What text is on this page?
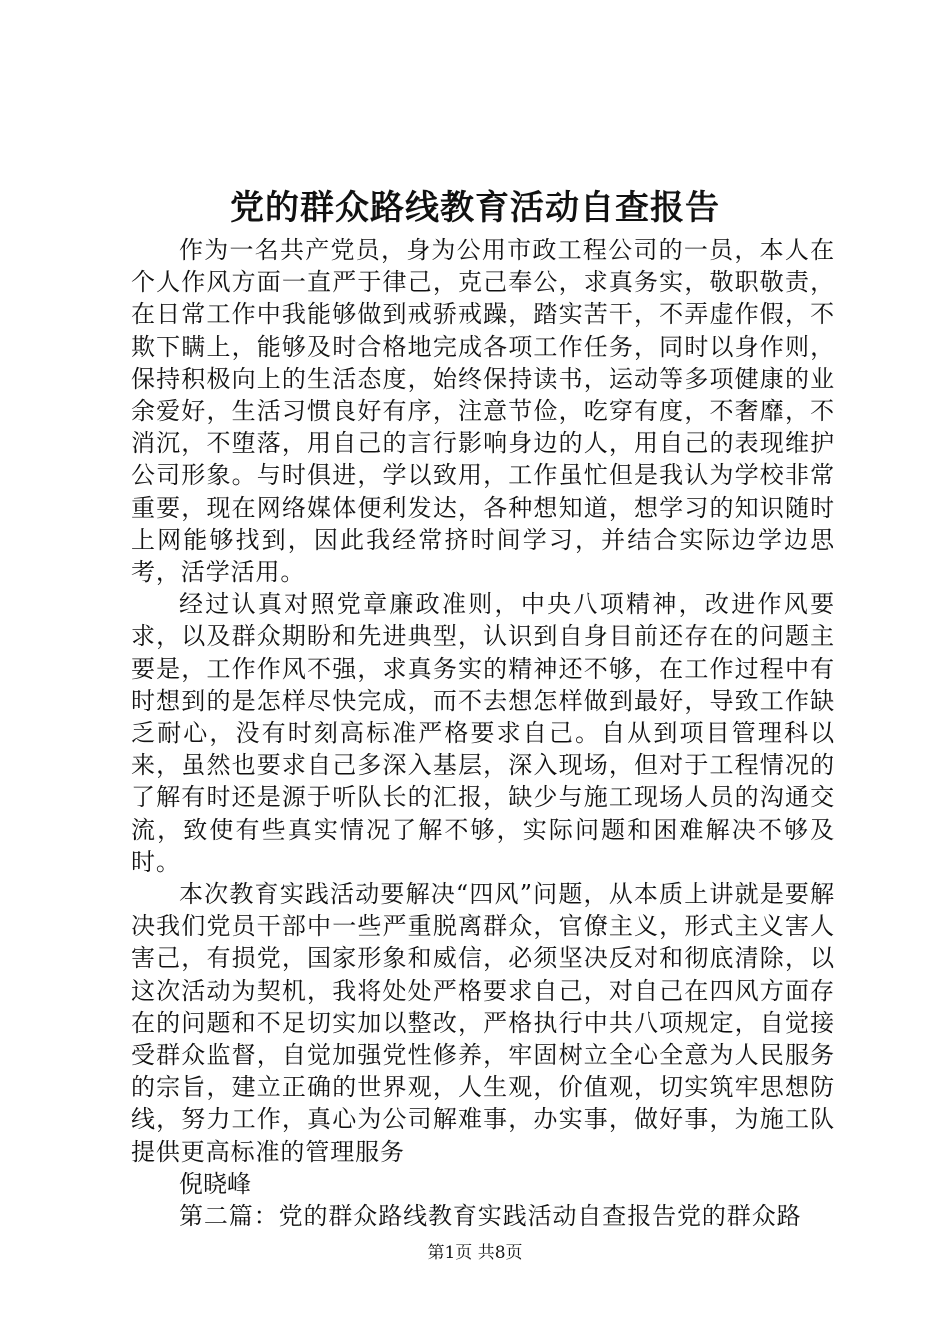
党的群众路线教育活动自查报告

作为一名共产党员，身为公用市政工程公司的一员，本人在个人作风方面一直严于律己，克己奉公，求真务实，敬职敬责，在日常工作中我能够做到戒骄戒躁，踏实苦干，不弄虚作假，不欺下瞒上，能够及时合格地完成各项工作任务，同时以身作则，保持积极向上的生活态度，始终保持读书，运动等多项健康的业余爱好，生活习惯良好有序，注意节俭，吃穿有度，不奢靡，不消沉，不堕落，用自己的言行影响身边的人，用自己的表现维护公司形象。与时俱进，学以致用，工作虽忙但是我认为学校非常重要，现在网络媒体便利发达，各种想知道，想学习的知识随时上网能够找到，因此我经常挤时间学习，并结合实际边学边思考，活学活用。

经过认真对照党章廉政准则，中央八项精神，改进作风要求，以及群众期盼和先进典型，认识到自身目前还存在的问题主要是，工作作风不强，求真务实的精神还不够，在工作过程中有时想到的是怎样尽快完成，而不去想怎样做到最好，导致工作缺乏耐心，没有时刻高标准严格要求自己。自从到项目管理科以来，虽然也要求自己多深入基层，深入现场，但对于工程情况的了解有时还是源于听队长的汇报，缺少与施工现场人员的沟通交流，致使有些真实情况了解不够，实际问题和困难解决不够及时。

本次教育实践活动要解决“四风”问题，从本质上讲就是要解决我们党员干部中一些严重脱离群众，官僚主义，形式主义害人害己，有损党，国家形象和威信，必须坚决反对和彻底清除，以这次活动为契机，我将处处严格要求自己，对自己在四风方面存在的问题和不足切实加以整改，严格执行中共八项规定，自觉接受群众监督，自觉加强党性修养，牢固树立全心全意为人民服务的宗旨，建立正确的世界观，人生观，价值观，切实筑牢思想防线，努力工作，真心为公司解难事，办实事，做好事，为施工队提供更高标准的管理服务

倪晓峰

第二篇：党的群众路线教育实践活动自查报告党的群众路

第1页 共8页
